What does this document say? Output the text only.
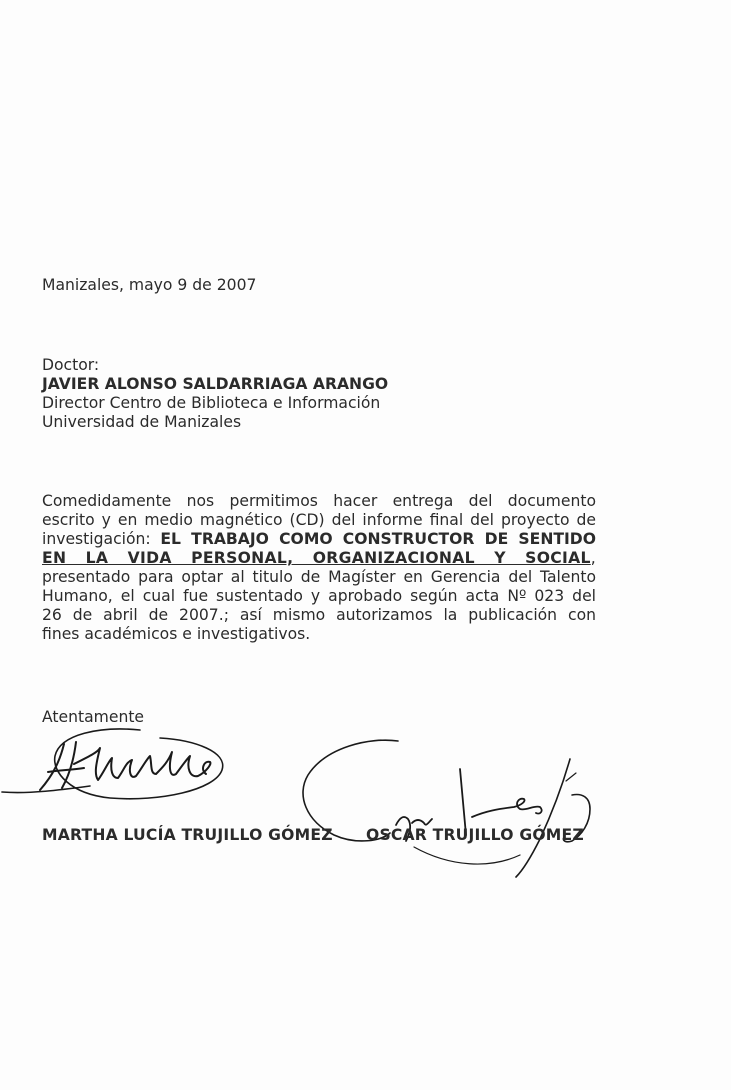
Manizales, mayo 9 de 2007
Doctor:
JAVIER ALONSO SALDARRIAGA ARANGO
Director Centro de Biblioteca e Información
Universidad de Manizales
Comedidamente nos permitimos hacer entrega del documento
escrito y en medio magnético (CD) del informe final del proyecto de
investigación: EL TRABAJO COMO CONSTRUCTOR DE SENTIDO
EN LA VIDA PERSONAL, ORGANIZACIONAL Y SOCIAL,
presentado para optar al titulo de Magíster en Gerencia del Talento
Humano, el cual fue sustentado y aprobado según acta Nº 023 del
26 de abril de 2007.; así mismo autorizamos la publicación con
fines académicos e investigativos.
Atentamente
MARTHA LUCÍA TRUJILLO GÓMEZ OSCAR TRUJILLO GÓMEZ
